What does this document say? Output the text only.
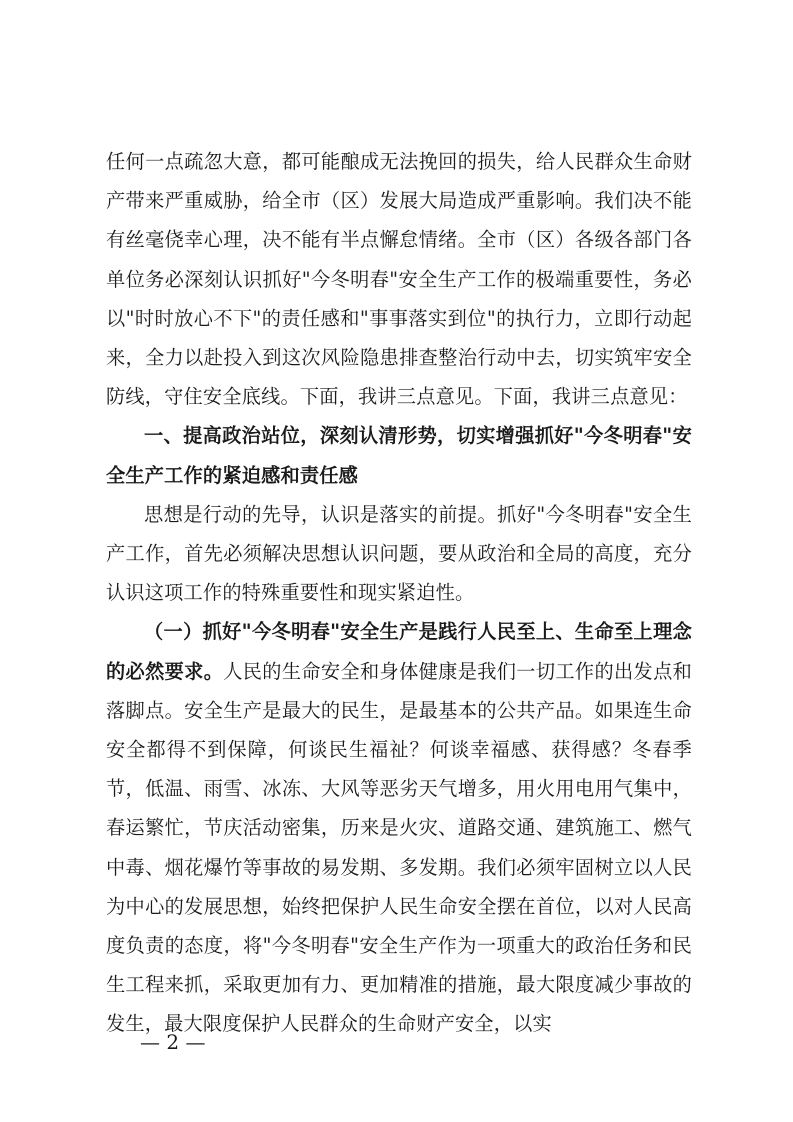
任何一点疏忽大意，都可能酿成无法挽回的损失，给人民群众生命财产带来严重威胁，给全市（区）发展大局造成严重影响。我们决不能有丝毫侥幸心理，决不能有半点懈怠情绪。全市（区）各级各部门各单位务必深刻认识抓好"今冬明春"安全生产工作的极端重要性，务必以"时时放心不下"的责任感和"事事落实到位"的执行力，立即行动起来，全力以赴投入到这次风险隐患排查整治行动中去，切实筑牢安全防线，守住安全底线。下面，我讲三点意见。下面，我讲三点意见：

一、提高政治站位，深刻认清形势，切实增强抓好"今冬明春"安全生产工作的紧迫感和责任感

思想是行动的先导，认识是落实的前提。抓好"今冬明春"安全生产工作，首先必须解决思想认识问题，要从政治和全局的高度，充分认识这项工作的特殊重要性和现实紧迫性。

（一）抓好"今冬明春"安全生产是践行人民至上、生命至上理念的必然要求。人民的生命安全和身体健康是我们一切工作的出发点和落脚点。安全生产是最大的民生，是最基本的公共产品。如果连生命安全都得不到保障，何谈民生福祉？何谈幸福感、获得感？冬春季节，低温、雨雪、冰冻、大风等恶劣天气增多，用火用电用气集中，春运繁忙，节庆活动密集，历来是火灾、道路交通、建筑施工、燃气中毒、烟花爆竹等事故的易发期、多发期。我们必须牢固树立以人民为中心的发展思想，始终把保护人民生命安全摆在首位，以对人民高度负责的态度，将"今冬明春"安全生产作为一项重大的政治任务和民生工程来抓，采取更加有力、更加精准的措施，最大限度减少事故的发生，最大限度保护人民群众的生命财产安全，以实

— 2 —
